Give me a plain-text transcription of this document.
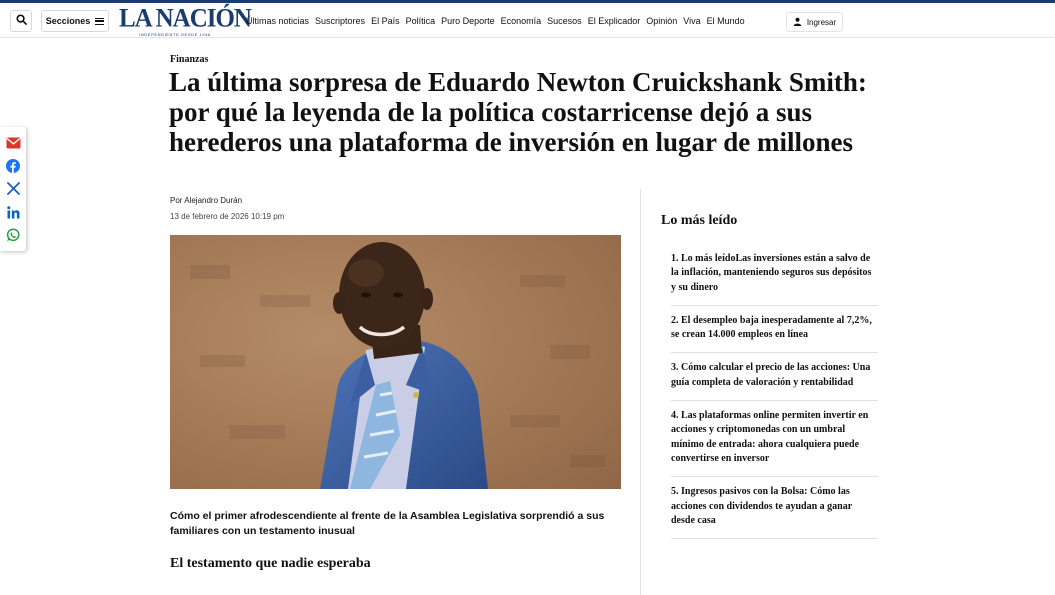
Secciones LA NACIÓN
INDEPENDIENTE DESDE 1946
Últimas noticias Suscriptores El País Política Puro Deporte Economía Sucesos El Explicador Opinión Viva El Mundo	Ingresar
Finanzas
La última sorpresa de Eduardo Newton Cruickshank Smith: por qué la leyenda de la política costarricense dejó a sus herederos una plataforma de inversión en lugar de millones
Por Alejandro Durán
13 de febrero de 2026 10:19 pm

Cómo el primer afrodescendiente al frente de la Asamblea Legislativa sorprendió a sus familiares con un testamento inusual

El testamento que nadie esperaba
Lo más leído
1. Lo más leídoLas inversiones están a salvo de la inflación, manteniendo seguros sus depósitos y su dinero
2. El desempleo baja inesperadamente al 7,2%, se crean 14.000 empleos en línea
3. Cómo calcular el precio de las acciones: Una guía completa de valoración y rentabilidad
4. Las plataformas online permiten invertir en acciones y criptomonedas con un umbral mínimo de entrada: ahora cualquiera puede convertirse en inversor
5. Ingresos pasivos con la Bolsa: Cómo las acciones con dividendos te ayudan a ganar desde casa
